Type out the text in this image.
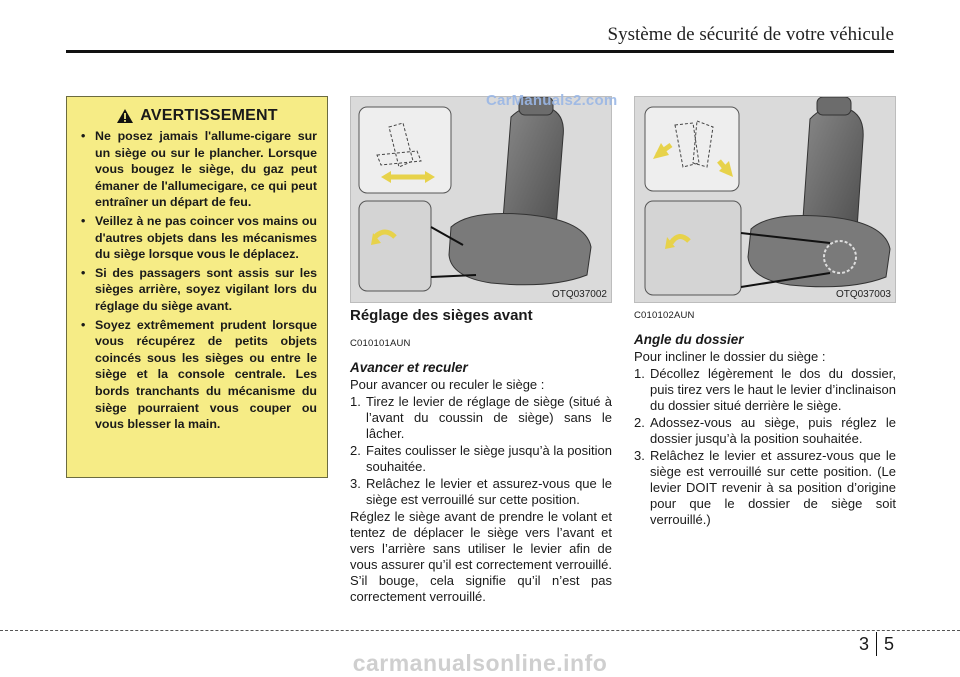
Système de sécurité de votre véhicule
AVERTISSEMENT
• Ne posez jamais l'allume-cigare sur un siège ou sur le plancher. Lorsque vous bougez le siège, du gaz peut émaner de l'allumecigare, ce qui peut entraîner un départ de feu.
• Veillez à ne pas coincer vos mains ou d'autres objets dans les mécanismes du siège lorsque vous le déplacez.
• Si des passagers sont assis sur les sièges arrière, soyez vigilant lors du réglage du siège avant.
• Soyez extrêmement prudent lorsque vous récupérez de petits objets coincés sous les sièges ou entre le siège et la console centrale. Les bords tranchants du mécanisme du siège pourraient vous couper ou vous blesser la main.
OTQ037002	OTQ037003
CarManuals2.com

Réglage des sièges avant

C010101AUN

Avancer et reculer

Pour avancer ou reculer le siège :

1. Tirez le levier de réglage de siège (situé à l’avant du coussin de siège) sans le lâcher.
2. Faites coulisser le siège jusqu’à la position souhaitée.
3. Relâchez le levier et assurez-vous que le siège est verrouillé sur cette position.

Réglez le siège avant de prendre le volant et tentez de déplacer le siège vers l’avant et vers l’arrière sans utiliser le levier afin de vous assurer qu’il est correctement verrouillé. S’il bouge, cela signifie qu’il n’est pas correctement verrouillé.

C010102AUN

Angle du dossier

Pour incliner le dossier du siège :

1. Décollez légèrement le dos du dossier, puis tirez vers le haut le levier d’inclinaison du dossier situé derrière le siège.
2. Adossez-vous au siège, puis réglez le dossier jusqu’à la position souhaitée.
3. Relâchez le levier et assurez-vous que le siège est verrouillé sur cette position. (Le levier DOIT revenir à sa position d’origine pour que le dossier de siège soit verrouillé.)
3 5
carmanualsonline.info
